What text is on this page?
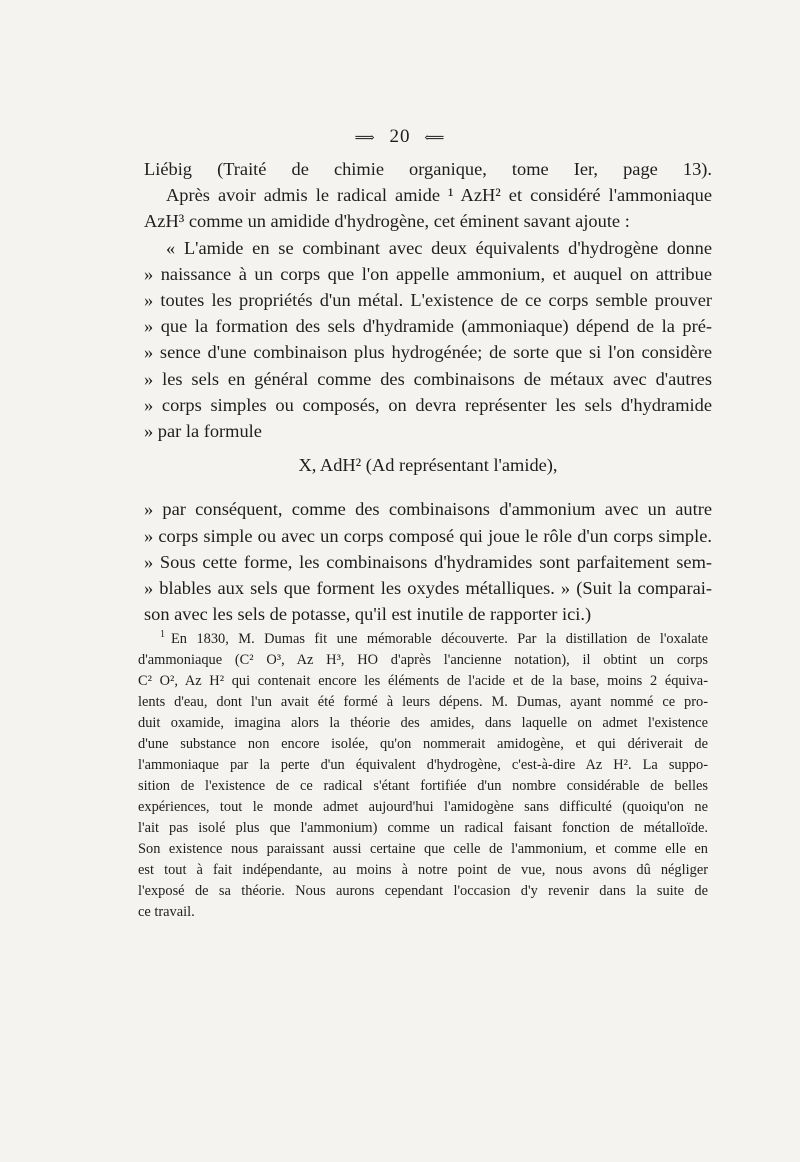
⟹ 20 ⟸
Liébig (Traité de chimie organique, tome Ier, page 13).
Après avoir admis le radical amide ¹ AzH² et considéré l'ammoniaque
AzH³ comme un amidide d'hydrogène, cet éminent savant ajoute :
« L'amide en se combinant avec deux équivalents d'hydrogène donne
» naissance à un corps que l'on appelle ammonium, et auquel on attribue
» toutes les propriétés d'un métal. L'existence de ce corps semble prouver
» que la formation des sels d'hydramide (ammoniaque) dépend de la pré-
» sence d'une combinaison plus hydrogénée; de sorte que si l'on considère
» les sels en général comme des combinaisons de métaux avec d'autres
» corps simples ou composés, on devra représenter les sels d'hydramide
» par la formule
X, AdH² (Ad représentant l'amide),
» par conséquent, comme des combinaisons d'ammonium avec un autre
» corps simple ou avec un corps composé qui joue le rôle d'un corps simple.
» Sous cette forme, les combinaisons d'hydramides sont parfaitement sem-
» blables aux sels que forment les oxydes métalliques. » (Suit la comparai-
son avec les sels de potasse, qu'il est inutile de rapporter ici.)
$^1$ En 1830, M. Dumas fit une mémorable découverte. Par la distillation de l'oxalate
d'ammoniaque (C² O³, Az H³, HO d'après l'ancienne notation), il obtint un corps
C² O², Az H² qui contenait encore les éléments de l'acide et de la base, moins 2 équiva-
lents d'eau, dont l'un avait été formé à leurs dépens. M. Dumas, ayant nommé ce pro-
duit oxamide, imagina alors la théorie des amides, dans laquelle on admet l'existence
d'une substance non encore isolée, qu'on nommerait amidogène, et qui dériverait de
l'ammoniaque par la perte d'un équivalent d'hydrogène, c'est-à-dire Az H². La suppo-
sition de l'existence de ce radical s'étant fortifiée d'un nombre considérable de belles
expériences, tout le monde admet aujourd'hui l'amidogène sans difficulté (quoiqu'on ne
l'ait pas isolé plus que l'ammonium) comme un radical faisant fonction de métalloïde.
Son existence nous paraissant aussi certaine que celle de l'ammonium, et comme elle en
est tout à fait indépendante, au moins à notre point de vue, nous avons dû négliger
l'exposé de sa théorie. Nous aurons cependant l'occasion d'y revenir dans la suite de
ce travail.
